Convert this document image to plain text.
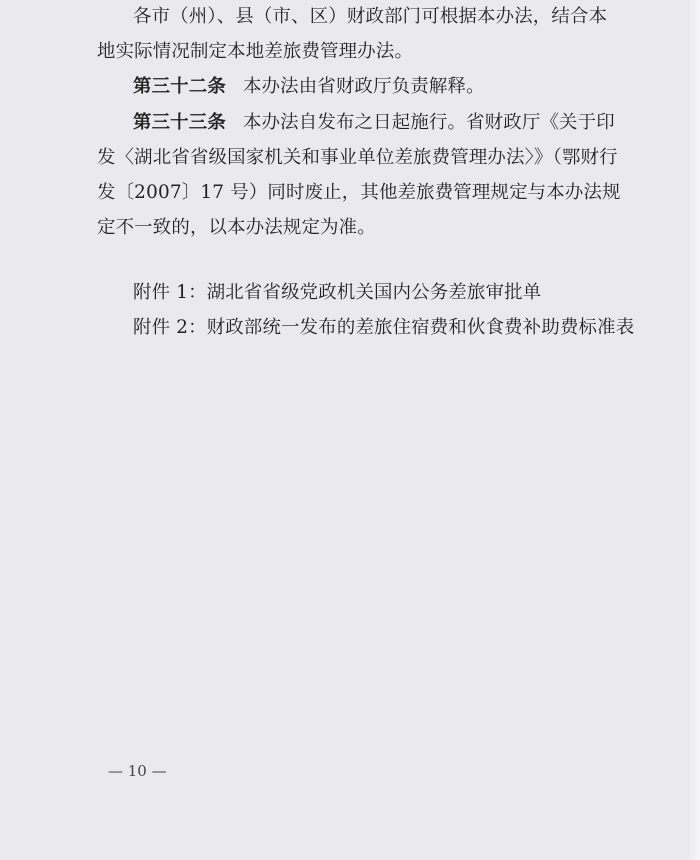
各市（州）、县（市、区）财政部门可根据本办法，结合本
地实际情况制定本地差旅费管理办法。
第三十二条 本办法由省财政厅负责解释。
第三十三条 本办法自发布之日起施行。省财政厅《关于印
发〈湖北省省级国家机关和事业单位差旅费管理办法〉》（鄂财行
发〔2007〕17 号）同时废止，其他差旅费管理规定与本办法规
定不一致的，以本办法规定为准。
附件 1：湖北省省级党政机关国内公务差旅审批单
附件 2：财政部统一发布的差旅住宿费和伙食费补助费标准表
— 10 —
